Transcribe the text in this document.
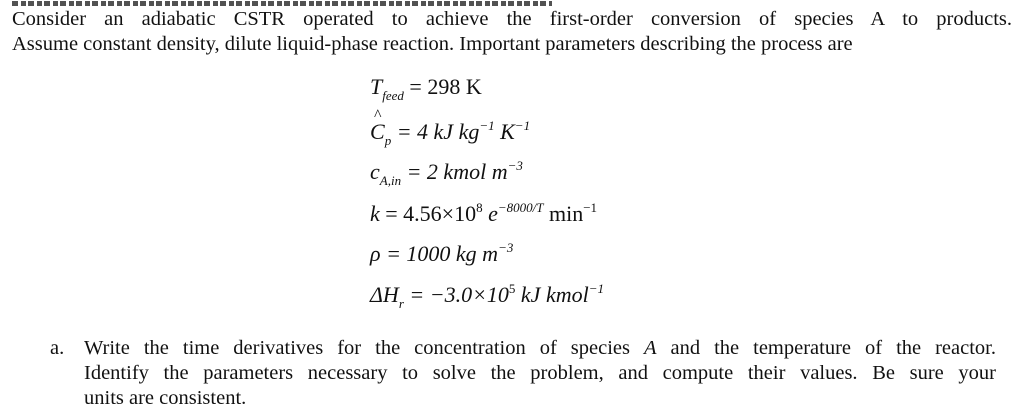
Consider an adiabatic CSTR operated to achieve the first-order conversion of species A to products.
Assume constant density, dilute liquid-phase reaction. Important parameters describing the process are
$T_{feed} = 298$ K
^ $C_p = 4$ kJ $kg^{-1}$ $K^{-1}$
$c_{A,in} = 2$ kmol $m^{-3}$
$k = 4.56\times 10^8$ $e^{-8000/T}$ $\min^{-1}$
ρ = 1000 kg $m^{-3}$
$\Delta H_r = -3.0\times 10^5$ kJ kmol$^{-1}$
a. Write the time derivatives for the concentration of species A and the temperature of the reactor.
Identify the parameters necessary to solve the problem, and compute their values. Be sure your
units are consistent.
